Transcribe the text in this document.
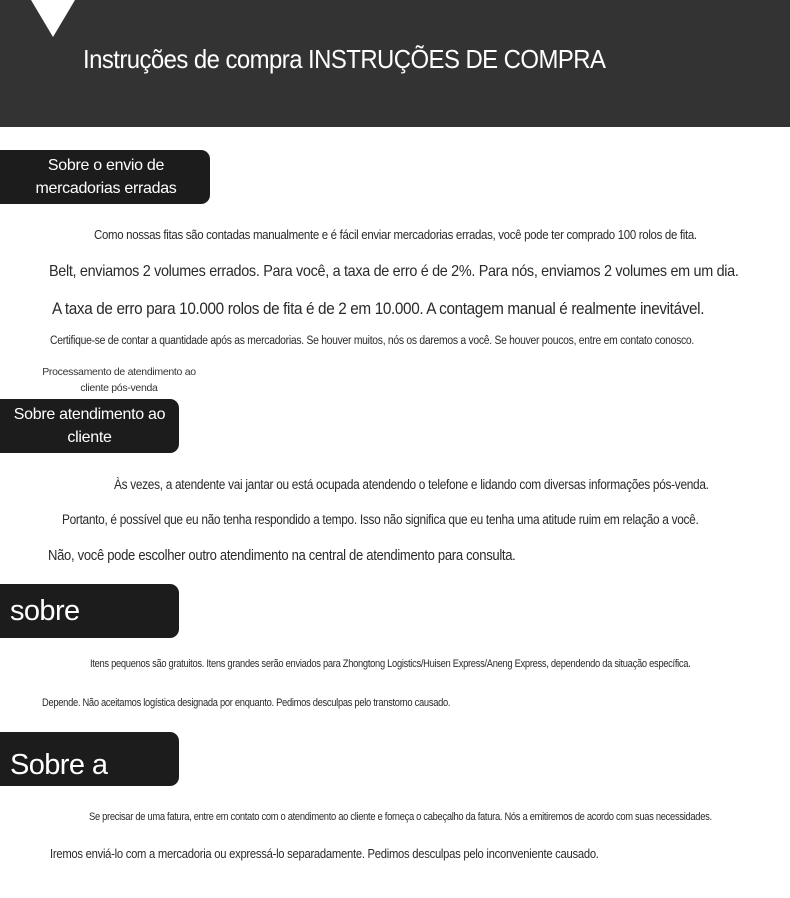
Instruções de compra INSTRUÇÕES DE COMPRA
Sobre o envio de mercadorias erradas
Como nossas fitas são contadas manualmente e é fácil enviar mercadorias erradas, você pode ter comprado 100 rolos de fita.
Belt, enviamos 2 volumes errados. Para você, a taxa de erro é de 2%. Para nós, enviamos 2 volumes em um dia.
A taxa de erro para 10.000 rolos de fita é de 2 em 10.000. A contagem manual é realmente inevitável.
Certifique-se de contar a quantidade após as mercadorias. Se houver muitos, nós os daremos a você. Se houver poucos, entre em contato conosco.
Processamento de atendimento ao cliente pós-venda
Sobre atendimento ao cliente
Às vezes, a atendente vai jantar ou está ocupada atendendo o telefone e lidando com diversas informações pós-venda.
Portanto, é possível que eu não tenha respondido a tempo. Isso não significa que eu tenha uma atitude ruim em relação a você.
Não, você pode escolher outro atendimento na central de atendimento para consulta.
sobre entrega
Itens pequenos são gratuitos. Itens grandes serão enviados para Zhongtong Logistics/Huisen Express/Aneng Express, dependendo da situação específica.
Depende. Não aceitamos logística designada por enquanto. Pedimos desculpas pelo transtorno causado.
Sobre a fatura Se precisar de uma fatura, entre em contato com o atendimento ao cliente e forneça o cabeçalho da fatura. Nós a emitiremos de acordo com suas necessidades.
Iremos enviá-lo com a mercadoria ou expressá-lo separadamente. Pedimos desculpas pelo inconveniente causado.
